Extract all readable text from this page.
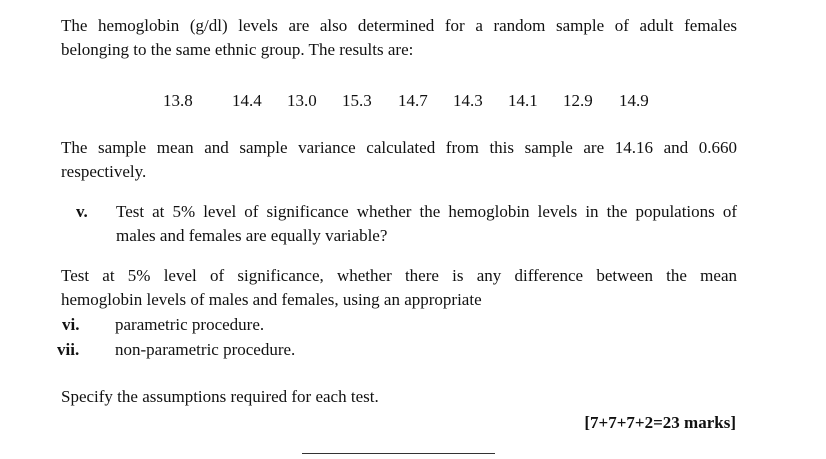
The hemoglobin (g/dl) levels are also determined for a random sample of adult females
belonging to the same ethnic group. The results are:
13.8	14.4	13.0	15.3	14.7	14.3	14.1	12.9	14.9
The sample mean and sample variance calculated from this sample are 14.16 and 0.660
respectively.
v. Test at 5% level of significance whether the hemoglobin levels in the populations of
males and females are equally variable?
Test at 5% level of significance, whether there is any difference between the mean
hemoglobin levels of males and females, using an appropriate
vi. parametric procedure.
vii. non-parametric procedure.
Specify the assumptions required for each test.
[7+7+7+2=23 marks]
